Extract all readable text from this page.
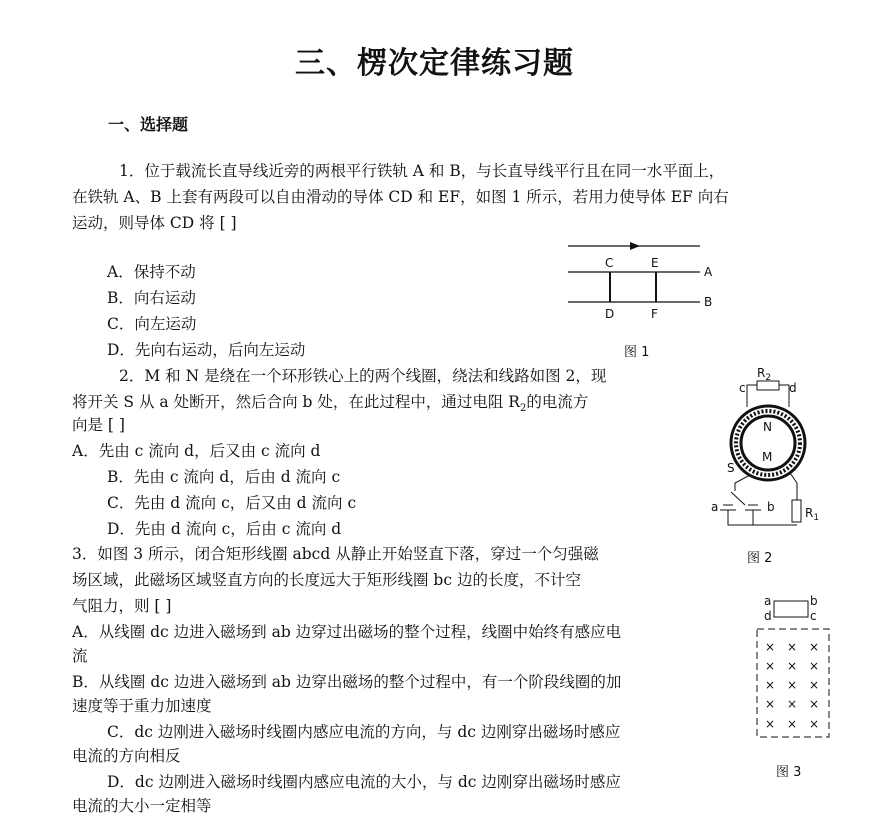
三、楞次定律练习题
一、选择题
1．位于载流长直导线近旁的两根平行铁轨 A 和 B，与长直导线平行且在同一水平面上，
在铁轨 A、B 上套有两段可以自由滑动的导体 CD 和 EF，如图 1 所示，若用力使导体 EF 向右
运动，则导体 CD 将 [ ]
A．保持不动
B．向右运动
C．向左运动
D．先向右运动，后向左运动
2．M 和 N 是绕在一个环形铁心上的两个线圈，绕法和线路如图 2，现
将开关 S 从 a 处断开，然后合向 b 处，在此过程中，通过电阻 $R_2$的电流方
向是 [ ]
A．先由 c 流向 d，后又由 c 流向 d
B．先由 c 流向 d，后由 d 流向 c
C．先由 d 流向 c，后又由 d 流向 c
D．先由 d 流向 c，后由 c 流向 d
3．如图 3 所示，闭合矩形线圈 abcd 从静止开始竖直下落，穿过一个匀强磁
场区域，此磁场区域竖直方向的长度远大于矩形线圈 bc 边的长度，不计空
气阻力，则 [ ]
A．从线圈 dc 边进入磁场到 ab 边穿过出磁场的整个过程，线圈中始终有感应电
流
B．从线圈 dc 边进入磁场到 ab 边穿出磁场的整个过程中，有一个阶段线圈的加
速度等于重力加速度
C．dc 边刚进入磁场时线圈内感应电流的方向，与 dc 边刚穿出磁场时感应
电流的方向相反
D．dc 边刚进入磁场时线圈内感应电流的大小，与 dc 边刚穿出磁场时感应
电流的大小一定相等
C	E
D	F
A
B
图 1
$R_2$
c	d
N
M
S
a	b	$R_1$
图 2
a	b
d	c
× × ×
× × ×
× × ×
× × ×
× × ×
图 3
